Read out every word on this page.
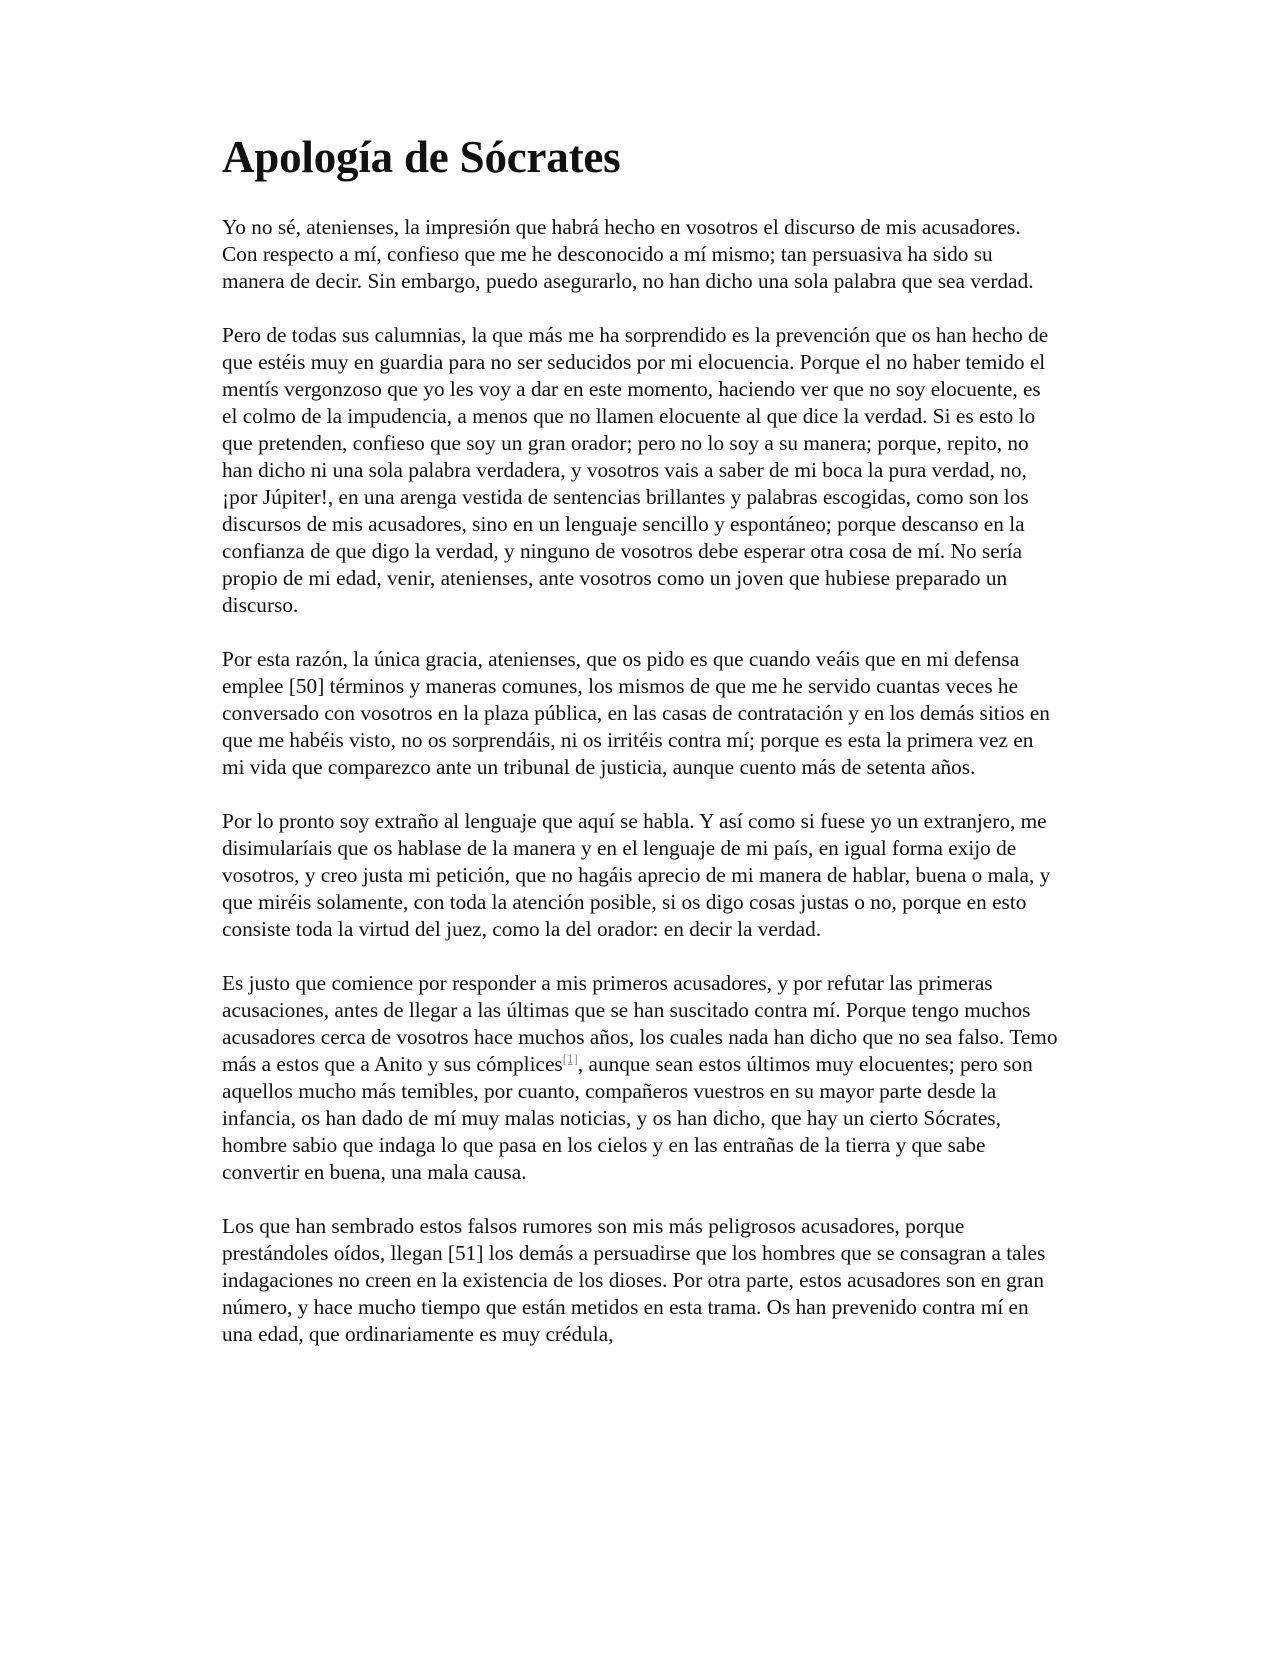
Apología de Sócrates

Yo no sé, atenienses, la impresión que habrá hecho en vosotros el discurso de mis acusadores. Con respecto a mí, confieso que me he desconocido a mí mismo; tan persuasiva ha sido su manera de decir. Sin embargo, puedo asegurarlo, no han dicho una sola palabra que sea verdad.

Pero de todas sus calumnias, la que más me ha sorprendido es la prevención que os han hecho de que estéis muy en guardia para no ser seducidos por mi elocuencia. Porque el no haber temido el mentís vergonzoso que yo les voy a dar en este momento, haciendo ver que no soy elocuente, es el colmo de la impudencia, a menos que no llamen elocuente al que dice la verdad. Si es esto lo que pretenden, confieso que soy un gran orador; pero no lo soy a su manera; porque, repito, no han dicho ni una sola palabra verdadera, y vosotros vais a saber de mi boca la pura verdad, no, ¡por Júpiter!, en una arenga vestida de sentencias brillantes y palabras escogidas, como son los discursos de mis acusadores, sino en un lenguaje sencillo y espontáneo; porque descanso en la confianza de que digo la verdad, y ninguno de vosotros debe esperar otra cosa de mí. No sería propio de mi edad, venir, atenienses, ante vosotros como un joven que hubiese preparado un discurso.

Por esta razón, la única gracia, atenienses, que os pido es que cuando veáis que en mi defensa emplee [50] términos y maneras comunes, los mismos de que me he servido cuantas veces he conversado con vosotros en la plaza pública, en las casas de contratación y en los demás sitios en que me habéis visto, no os sorprendáis, ni os irritéis contra mí; porque es esta la primera vez en mi vida que comparezco ante un tribunal de justicia, aunque cuento más de setenta años.

Por lo pronto soy extraño al lenguaje que aquí se habla. Y así como si fuese yo un extranjero, me disimularíais que os hablase de la manera y en el lenguaje de mi país, en igual forma exijo de vosotros, y creo justa mi petición, que no hagáis aprecio de mi manera de hablar, buena o mala, y que miréis solamente, con toda la atención posible, si os digo cosas justas o no, porque en esto consiste toda la virtud del juez, como la del orador: en decir la verdad.

Es justo que comience por responder a mis primeros acusadores, y por refutar las primeras acusaciones, antes de llegar a las últimas que se han suscitado contra mí. Porque tengo muchos acusadores cerca de vosotros hace muchos años, los cuales nada han dicho que no sea falso. Temo más a estos que a Anito y sus cómplices[1], aunque sean estos últimos muy elocuentes; pero son aquellos mucho más temibles, por cuanto, compañeros vuestros en su mayor parte desde la infancia, os han dado de mí muy malas noticias, y os han dicho, que hay un cierto Sócrates, hombre sabio que indaga lo que pasa en los cielos y en las entrañas de la tierra y que sabe convertir en buena, una mala causa.

Los que han sembrado estos falsos rumores son mis más peligrosos acusadores, porque prestándoles oídos, llegan [51] los demás a persuadirse que los hombres que se consagran a tales indagaciones no creen en la existencia de los dioses. Por otra parte, estos acusadores son en gran número, y hace mucho tiempo que están metidos en esta trama. Os han prevenido contra mí en una edad, que ordinariamente es muy crédula,
